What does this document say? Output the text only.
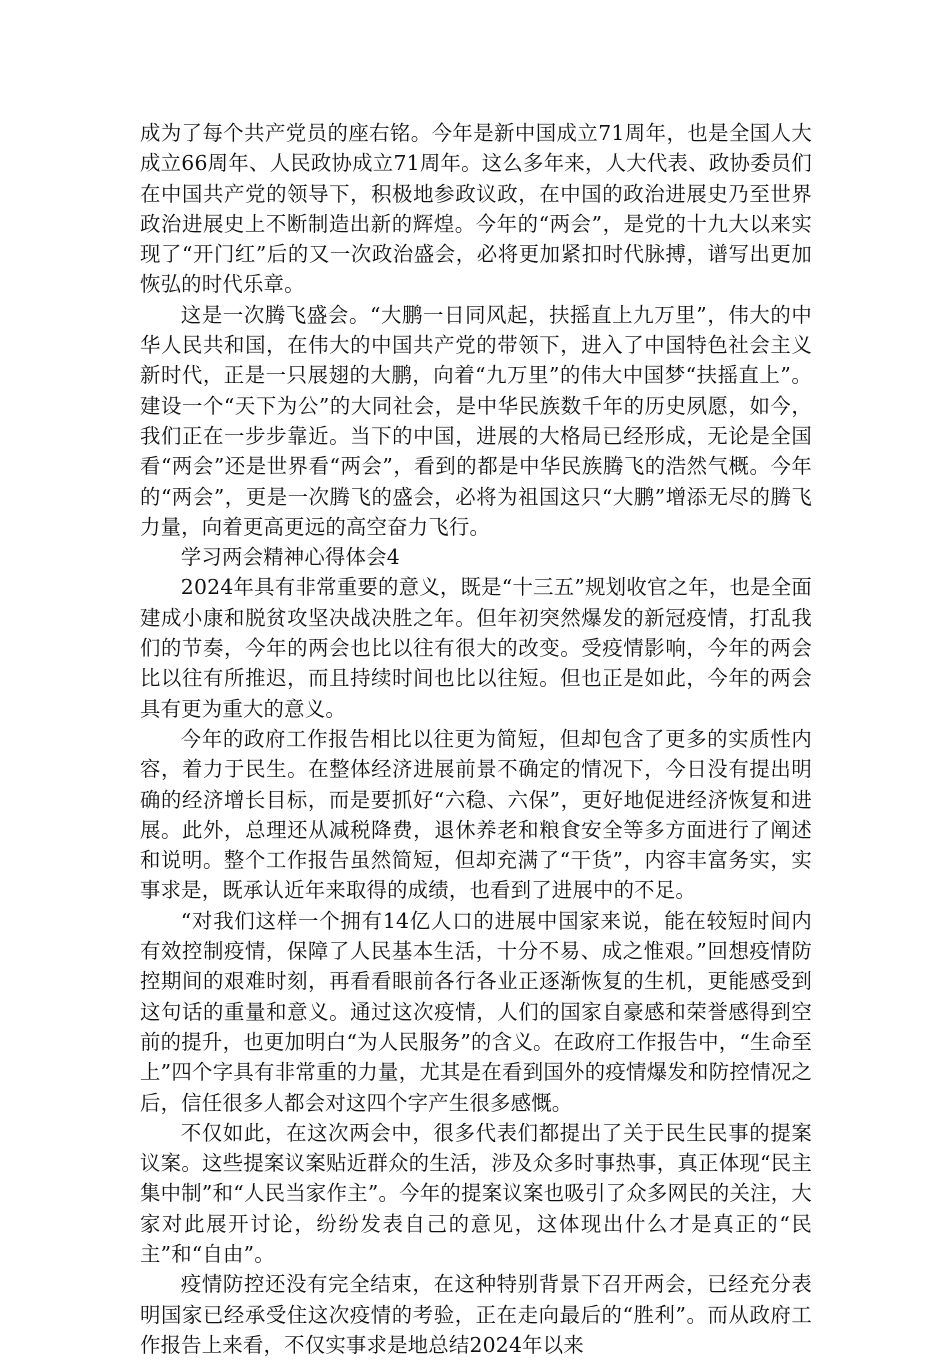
成为了每个共产党员的座右铭。今年是新中国成立71周年，也是全国人大成立66周年、人民政协成立71周年。这么多年来，人大代表、政协委员们在中国共产党的领导下，积极地参政议政，在中国的政治进展史乃至世界政治进展史上不断制造出新的辉煌。今年的“两会”，是党的十九大以来实现了“开门红”后的又一次政治盛会，必将更加紧扣时代脉搏，谱写出更加恢弘的时代乐章。

这是一次腾飞盛会。“大鹏一日同风起，扶摇直上九万里”，伟大的中华人民共和国，在伟大的中国共产党的带领下，进入了中国特色社会主义新时代，正是一只展翅的大鹏，向着“九万里”的伟大中国梦“扶摇直上”。建设一个“天下为公”的大同社会，是中华民族数千年的历史夙愿，如今，我们正在一步步靠近。当下的中国，进展的大格局已经形成，无论是全国看“两会”还是世界看“两会”，看到的都是中华民族腾飞的浩然气概。今年的“两会”，更是一次腾飞的盛会，必将为祖国这只“大鹏”增添无尽的腾飞力量，向着更高更远的高空奋力飞行。

学习两会精神心得体会4

2024年具有非常重要的意义，既是“十三五”规划收官之年，也是全面建成小康和脱贫攻坚决战决胜之年。但年初突然爆发的新冠疫情，打乱我们的节奏，今年的两会也比以往有很大的改变。受疫情影响，今年的两会比以往有所推迟，而且持续时间也比以往短。但也正是如此，今年的两会具有更为重大的意义。

今年的政府工作报告相比以往更为简短，但却包含了更多的实质性内容，着力于民生。在整体经济进展前景不确定的情况下，今日没有提出明确的经济增长目标，而是要抓好“六稳、六保”，更好地促进经济恢复和进展。此外，总理还从减税降费，退休养老和粮食安全等多方面进行了阐述和说明。整个工作报告虽然简短，但却充满了“干货”，内容丰富务实，实事求是，既承认近年来取得的成绩，也看到了进展中的不足。

“对我们这样一个拥有14亿人口的进展中国家来说，能在较短时间内有效控制疫情，保障了人民基本生活，十分不易、成之惟艰。”回想疫情防控期间的艰难时刻，再看看眼前各行各业正逐渐恢复的生机，更能感受到这句话的重量和意义。通过这次疫情，人们的国家自豪感和荣誉感得到空前的提升，也更加明白“为人民服务”的含义。在政府工作报告中，“生命至上”四个字具有非常重的力量，尤其是在看到国外的疫情爆发和防控情况之后，信任很多人都会对这四个字产生很多感慨。

不仅如此，在这次两会中，很多代表们都提出了关于民生民事的提案议案。这些提案议案贴近群众的生活，涉及众多时事热事，真正体现“民主集中制”和“人民当家作主”。今年的提案议案也吸引了众多网民的关注，大家对此展开讨论，纷纷发表自己的意见，这体现出什么才是真正的“民主”和“自由”。

疫情防控还没有完全结束，在这种特别背景下召开两会，已经充分表明国家已经承受住这次疫情的考验，正在走向最后的“胜利”。而从政府工作报告上来看，不仅实事求是地总结2024年以来
